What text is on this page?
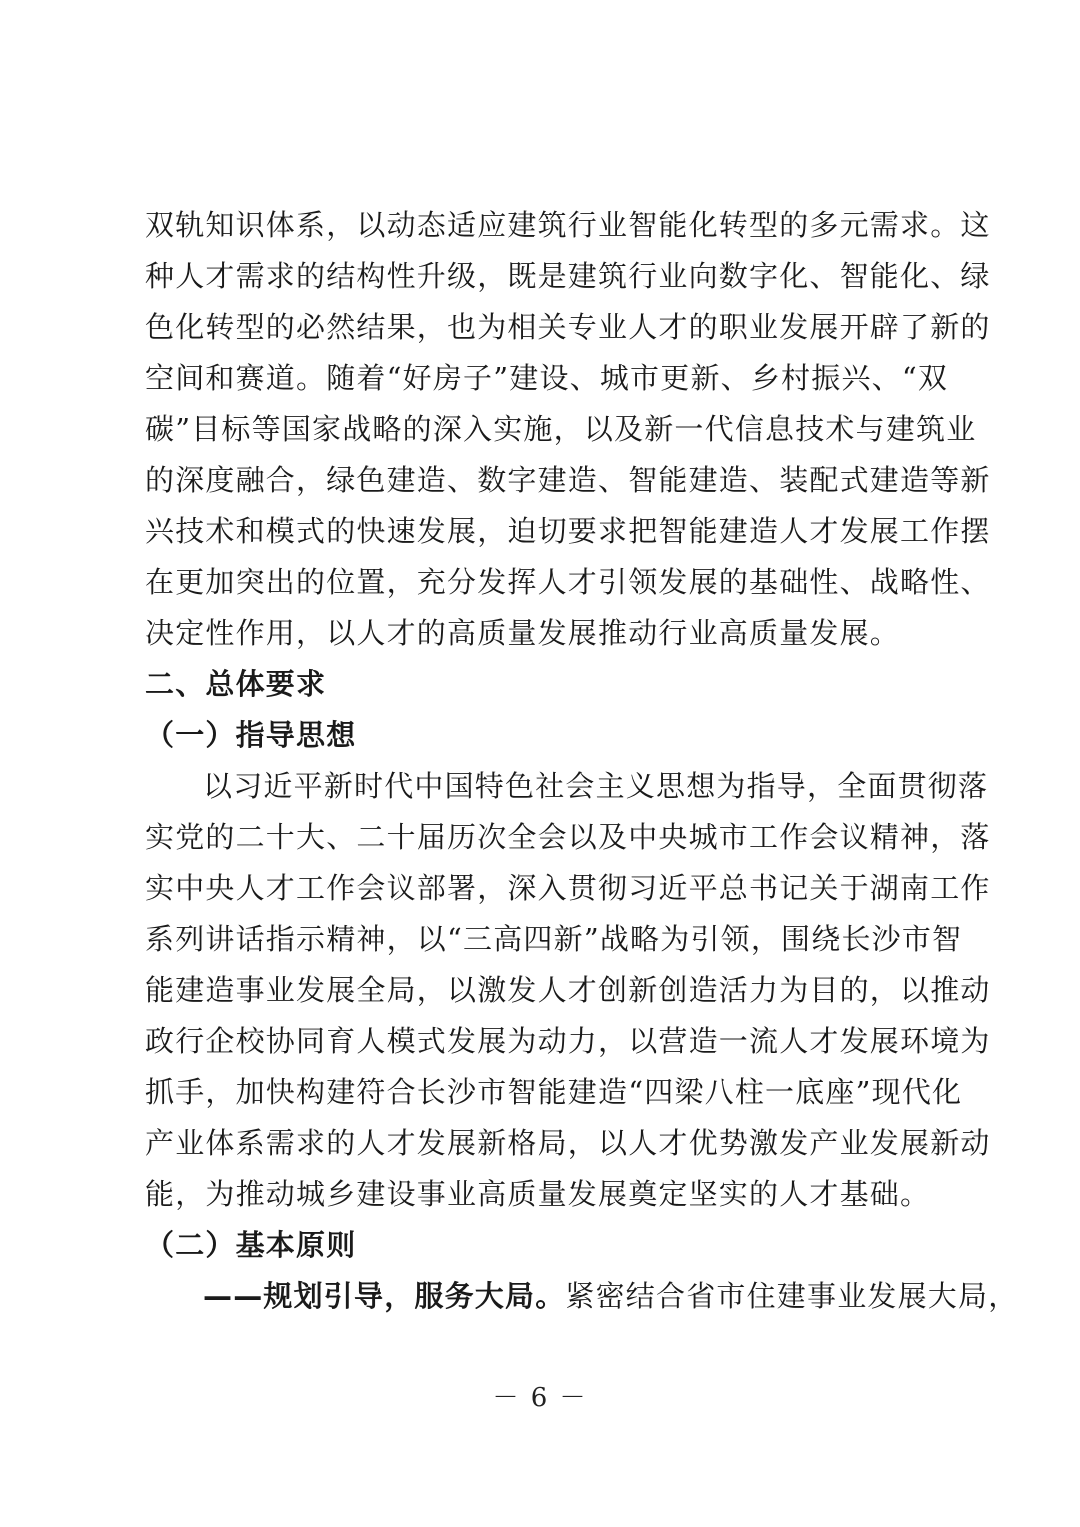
双轨知识体系，以动态适应建筑行业智能化转型的多元需求。这
种人才需求的结构性升级，既是建筑行业向数字化、智能化、绿
色化转型的必然结果，也为相关专业人才的职业发展开辟了新的
空间和赛道。随着“好房子”建设、城市更新、乡村振兴、“双
碳”目标等国家战略的深入实施，以及新一代信息技术与建筑业
的深度融合，绿色建造、数字建造、智能建造、装配式建造等新
兴技术和模式的快速发展，迫切要求把智能建造人才发展工作摆
在更加突出的位置，充分发挥人才引领发展的基础性、战略性、
决定性作用，以人才的高质量发展推动行业高质量发展。
二、总体要求
（一）指导思想
以习近平新时代中国特色社会主义思想为指导，全面贯彻落
实党的二十大、二十届历次全会以及中央城市工作会议精神，落
实中央人才工作会议部署，深入贯彻习近平总书记关于湖南工作
系列讲话指示精神，以“三高四新”战略为引领，围绕长沙市智
能建造事业发展全局，以激发人才创新创造活力为目的，以推动
政行企校协同育人模式发展为动力，以营造一流人才发展环境为
抓手，加快构建符合长沙市智能建造“四梁八柱一底座”现代化
产业体系需求的人才发展新格局，以人才优势激发产业发展新动
能，为推动城乡建设事业高质量发展奠定坚实的人才基础。
（二）基本原则
——规划引导，服务大局。紧密结合省市住建事业发展大局，
－ 6 －
